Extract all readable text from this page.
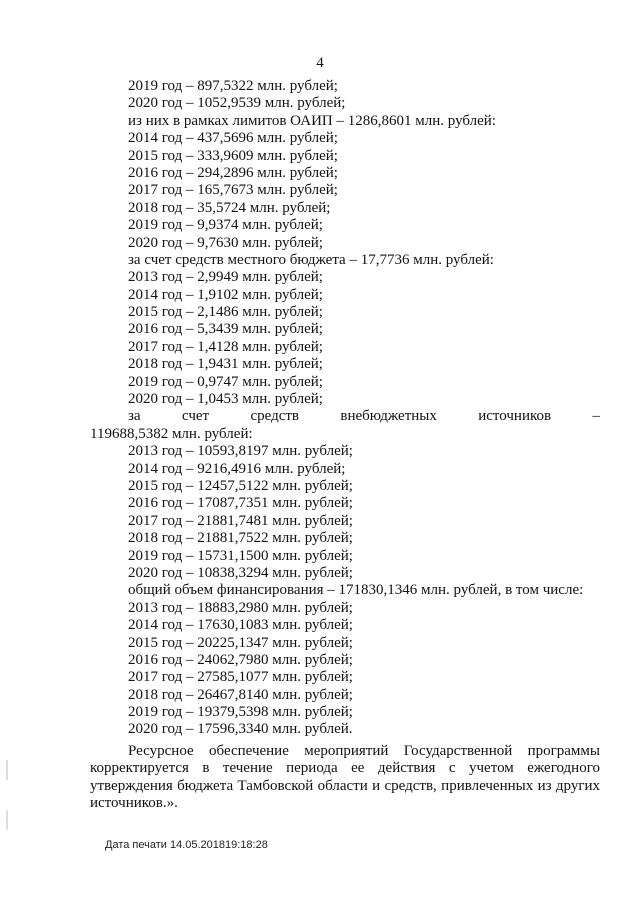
4
2019 год – 897,5322 млн. рублей;
2020 год – 1052,9539 млн. рублей;
из них в рамках лимитов ОАИП – 1286,8601 млн. рублей:
2014 год – 437,5696 млн. рублей;
2015 год – 333,9609 млн. рублей;
2016 год – 294,2896 млн. рублей;
2017 год – 165,7673 млн. рублей;
2018 год – 35,5724 млн. рублей;
2019 год – 9,9374 млн. рублей;
2020 год – 9,7630 млн. рублей;
за счет средств местного бюджета – 17,7736 млн. рублей:
2013 год – 2,9949 млн. рублей;
2014 год – 1,9102 млн. рублей;
2015 год – 2,1486 млн. рублей;
2016 год – 5,3439 млн. рублей;
2017 год – 1,4128 млн. рублей;
2018 год – 1,9431 млн. рублей;
2019 год – 0,9747 млн. рублей;
2020 год – 1,0453 млн. рублей;
за	счет	средств	внебюджетных	источников	–
119688,5382 млн. рублей:
2013 год – 10593,8197 млн. рублей;
2014 год – 9216,4916 млн. рублей;
2015 год – 12457,5122 млн. рублей;
2016 год – 17087,7351 млн. рублей;
2017 год – 21881,7481 млн. рублей;
2018 год – 21881,7522 млн. рублей;
2019 год – 15731,1500 млн. рублей;
2020 год – 10838,3294 млн. рублей;
общий объем финансирования – 171830,1346 млн. рублей, в том числе:
2013 год – 18883,2980 млн. рублей;
2014 год – 17630,1083 млн. рублей;
2015 год – 20225,1347 млн. рублей;
2016 год – 24062,7980 млн. рублей;
2017 год – 27585,1077 млн. рублей;
2018 год – 26467,8140 млн. рублей;
2019 год – 19379,5398 млн. рублей;
2020 год – 17596,3340 млн. рублей.
Ресурсное обеспечение мероприятий Государственной программы корректируется в течение периода ее действия с учетом ежегодного утверждения бюджета Тамбовской области и средств, привлеченных из других источников.».
Дата печати 14.05.201819:18:28
